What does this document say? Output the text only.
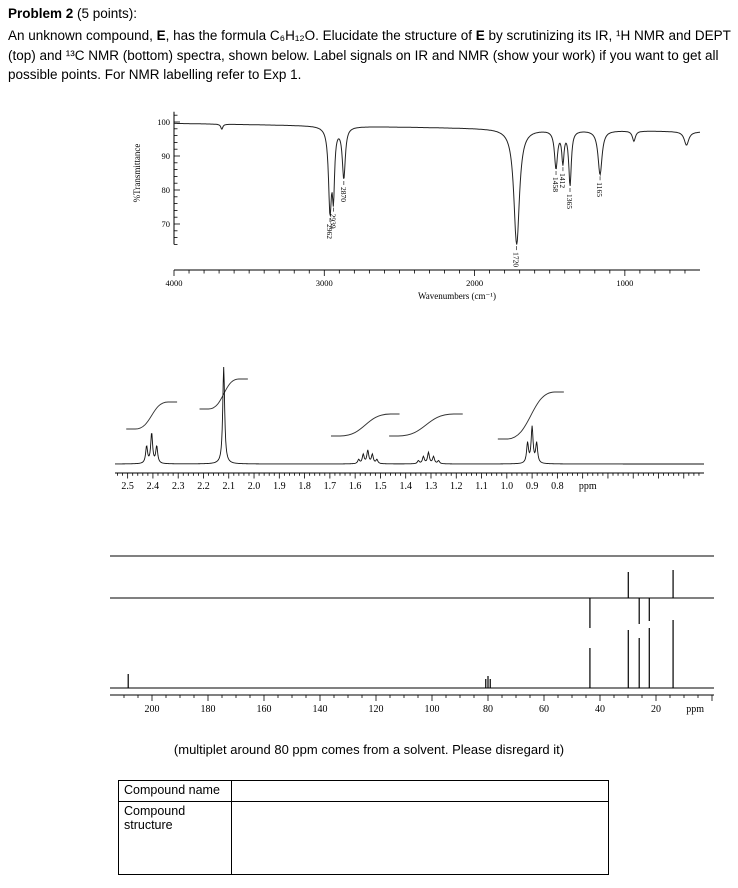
Problem 2 (5 points):

An unknown compound, E, has the formula C₆H₁₂O. Elucidate the structure of E by scrutinizing its IR, ¹H NMR and DEPT (top) and ¹³C NMR (bottom) spectra, shown below. Label signals on IR and NMR (show your work) if you want to get all possible points. For NMR labelling refer to Exp 1.

100
90
80
70
4000	3000	2000	1000
Wavenumbers (cm⁻¹)
%Transmittance
2962
2939
2870
1720
1458
1412
1365
1165
2.5 2.4 2.3 2.2 2.1 2.0 1.9 1.8 1.7 1.6 1.5 1.4 1.3 1.2 1.1 1.0 0.9 0.8 ppm
200	180	160	140	120	100	80	60	40	20	ppm
(multiplet around 80 ppm comes from a solvent. Please disregard it)
Compound name	
Compound structure	
